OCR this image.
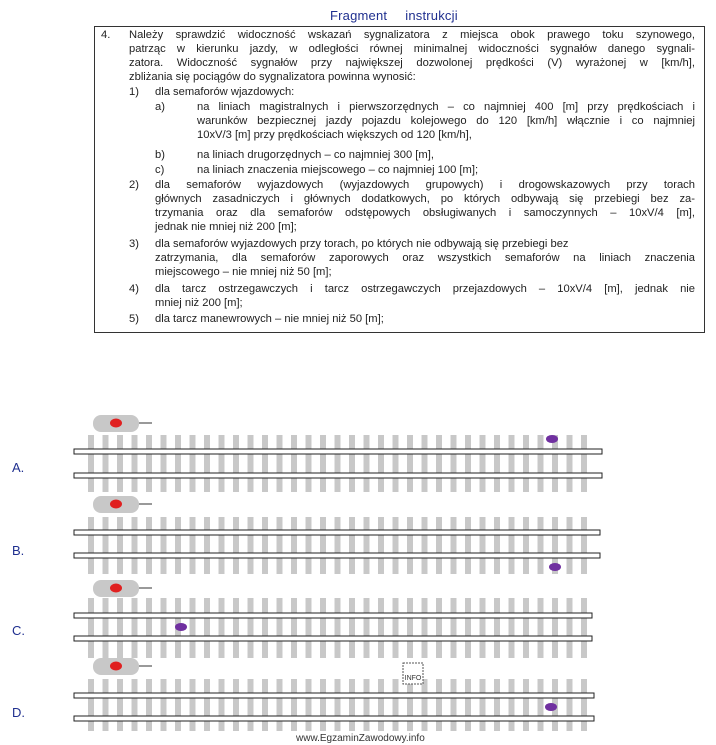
Fragment instrukcji
4. Należy sprawdzić widoczność wskazań sygnalizatora z miejsca obok prawego toku szynowego,
patrząc w kierunku jazdy, w odległości równej minimalnej widoczności sygnałów danego sygnali-
zatora. Widoczność sygnałów przy największej dozwolonej prędkości (V) wyrażonej w [km/h],
zbliżania się pociągów do sygnalizatora powinna wynosić:
1) dla semaforów wjazdowych:
a)	na liniach magistralnych i pierwszorzędnych – co najmniej 400 [m] przy prędkościach i
warunków bezpiecznej jazdy pojazdu kolejowego do 120 [km/h] włącznie i co najmniej
10xV/3 [m] przy prędkościach większych od 120 [km/h],
b)	na liniach drugorzędnych – co najmniej 300 [m],
c)	na liniach znaczenia miejscowego – co najmniej 100 [m];
2) dla semaforów wyjazdowych (wyjazdowych grupowych) i drogowskazowych przy torach
głównych zasadniczych i głównych dodatkowych, po których odbywają się przebiegi bez za-
trzymania oraz dla semaforów odstępowych obsługiwanych i samoczynnych – 10xV/4 [m],
jednak nie mniej niż 200 [m];
3) dla semaforów wyjazdowych przy torach, po których nie odbywają się przebiegi bez
zatrzymania, dla semaforów zaporowych oraz wszystkich semaforów na liniach znaczenia
miejscowego – nie mniej niż 50 [m];
4) dla tarcz ostrzegawczych i tarcz ostrzegawczych przejazdowych – 10xV/4 [m], jednak nie
mniej niż 200 [m];
5) dla tarcz manewrowych – nie mniej niż 50 [m];
A.
B.
C.
D.
INFO
www.EgzaminZawodowy.info
